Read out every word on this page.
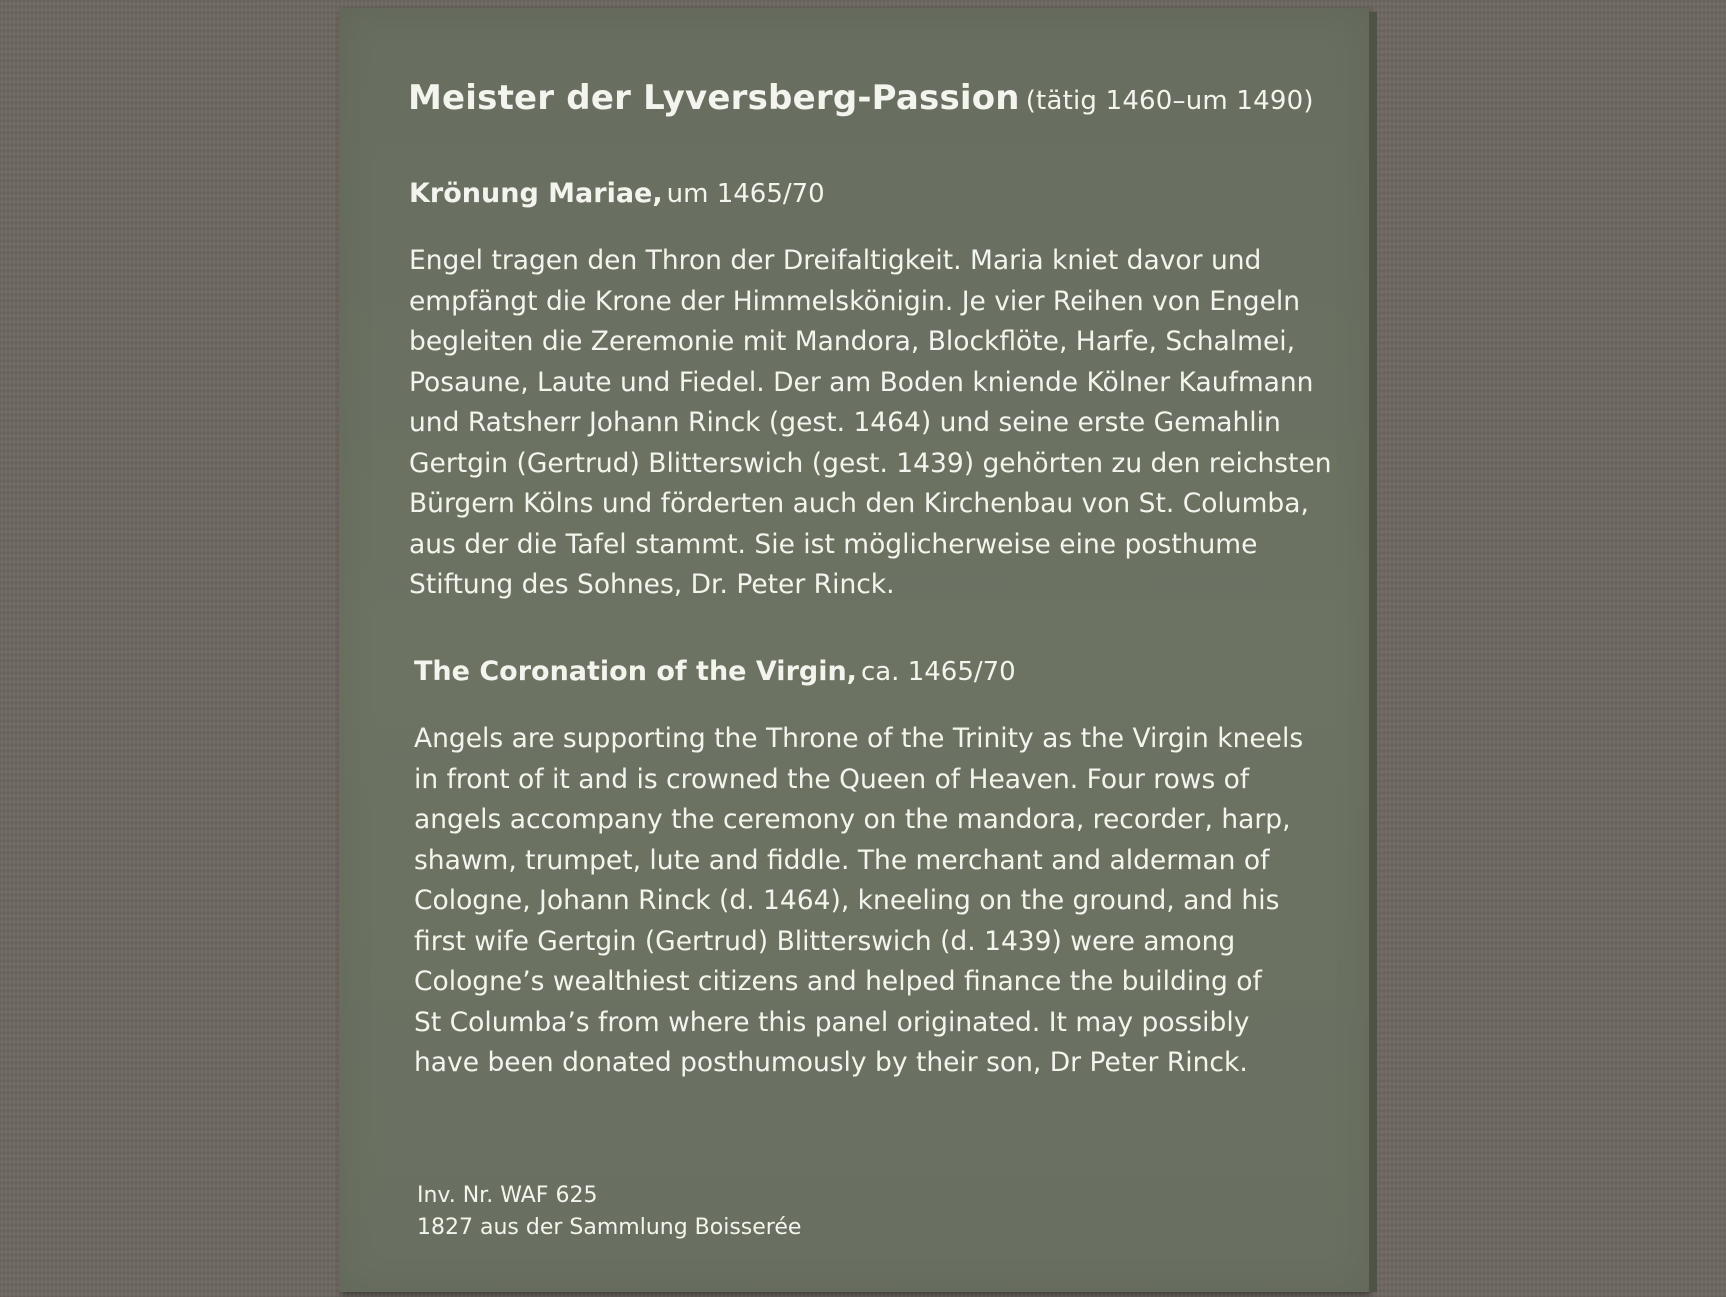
Meister der Lyversberg-Passion (tätig 1460–um 1490)
Krönung Mariae, um 1465/70
Engel tragen den Thron der Dreifaltigkeit. Maria kniet davor und
empfängt die Krone der Himmelskönigin. Je vier Reihen von Engeln
begleiten die Zeremonie mit Mandora, Blockflöte, Harfe, Schalmei,
Posaune, Laute und Fiedel. Der am Boden kniende Kölner Kaufmann
und Ratsherr Johann Rinck (gest. 1464) und seine erste Gemahlin
Gertgin (Gertrud) Blitterswich (gest. 1439) gehörten zu den reichsten
Bürgern Kölns und förderten auch den Kirchenbau von St. Columba,
aus der die Tafel stammt. Sie ist möglicherweise eine posthume
Stiftung des Sohnes, Dr. Peter Rinck.
The Coronation of the Virgin, ca. 1465/70
Angels are supporting the Throne of the Trinity as the Virgin kneels
in front of it and is crowned the Queen of Heaven. Four rows of
angels accompany the ceremony on the mandora, recorder, harp,
shawm, trumpet, lute and fiddle. The merchant and alderman of
Cologne, Johann Rinck (d. 1464), kneeling on the ground, and his
first wife Gertgin (Gertrud) Blitterswich (d. 1439) were among
Cologne’s wealthiest citizens and helped finance the building of
St Columba’s from where this panel originated. It may possibly
have been donated posthumously by their son, Dr Peter Rinck.
Inv. Nr. WAF 625
1827 aus der Sammlung Boisserée
